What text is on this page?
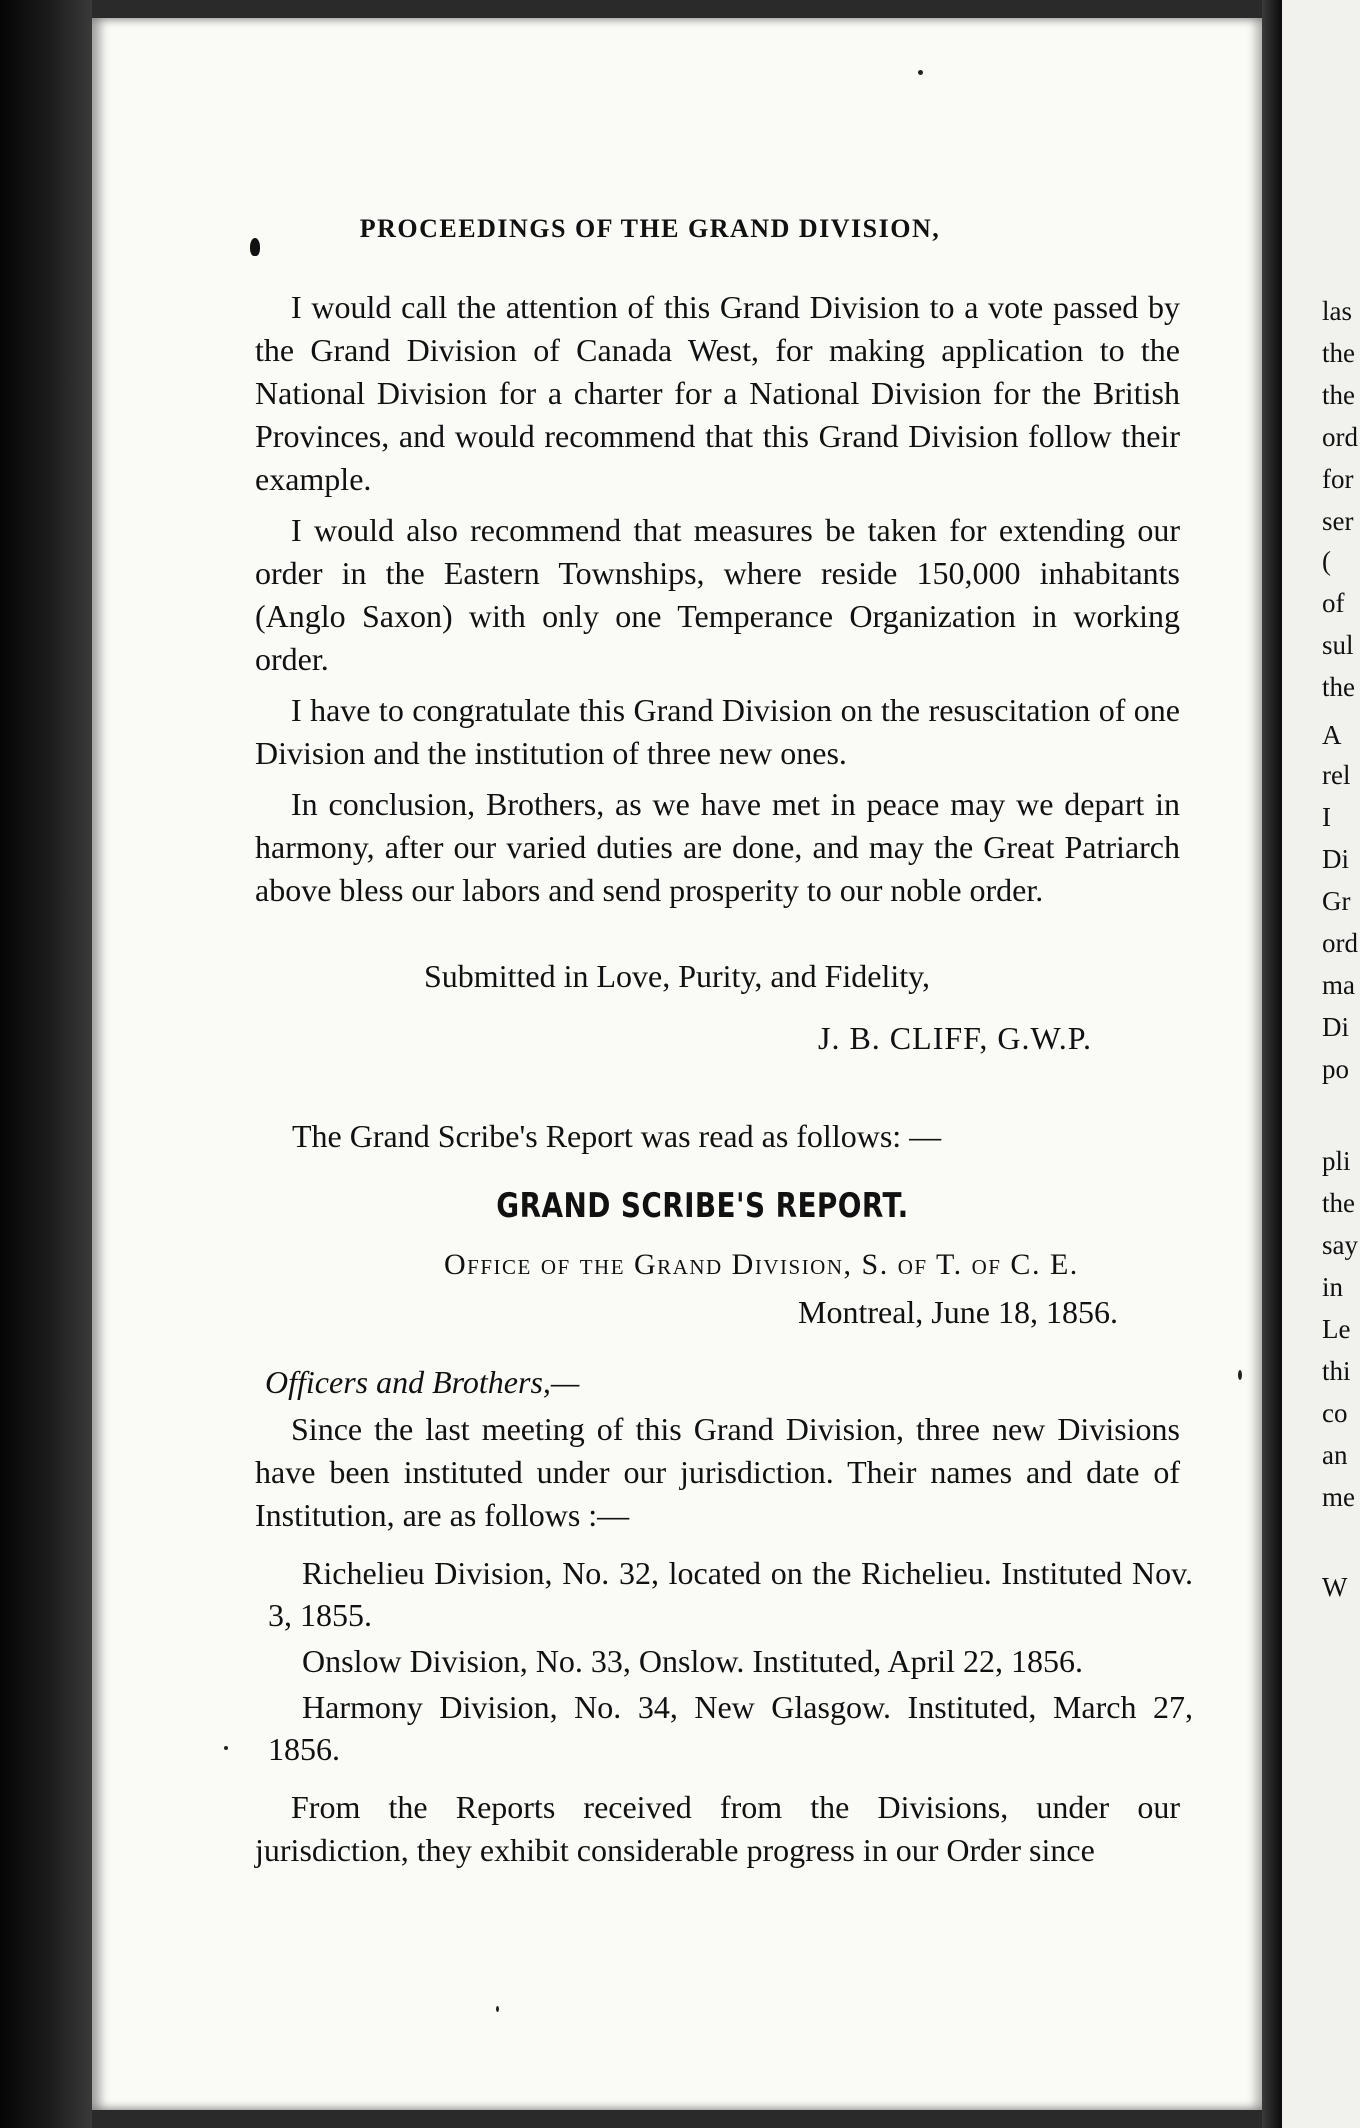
PROCEEDINGS OF THE GRAND DIVISION,

I would call the attention of this Grand Division to a vote passed by the Grand Division of Canada West, for making application to the National Division for a charter for a National Division for the British Provinces, and would recommend that this Grand Division follow their example.

I would also recommend that measures be taken for extending our order in the Eastern Townships, where reside 150,000 inhabitants (Anglo Saxon) with only one Temperance Organization in working order.

I have to congratulate this Grand Division on the resuscitation of one Division and the institution of three new ones.

In conclusion, Brothers, as we have met in peace may we depart in harmony, after our varied duties are done, and may the Great Patriarch above bless our labors and send prosperity to our noble order.

Submitted in Love, Purity, and Fidelity,
J. B. CLIFF, G.W.P.
The Grand Scribe's Report was read as follows: —
GRAND SCRIBE'S REPORT.
Office of the Grand Division, S. of T. of C. E.
Montreal, June 18, 1856.
Officers and Brothers,—

Since the last meeting of this Grand Division, three new Divisions have been instituted under our jurisdiction. Their names and date of Institution, are as follows :—

Richelieu Division, No. 32, located on the Richelieu. Instituted Nov. 3, 1855.

Onslow Division, No. 33, Onslow. Instituted, April 22, 1856.

Harmony Division, No. 34, New Glasgow. Instituted, March 27, 1856.

From the Reports received from the Divisions, under our jurisdiction, they exhibit considerable progress in our Order since

las
the
the
ord
for
ser
(
of
sul
the
A
rel
I
Di
Gr
ord
ma
Di
po
pli
the
say
in
Le
thi
co
an
me
W
